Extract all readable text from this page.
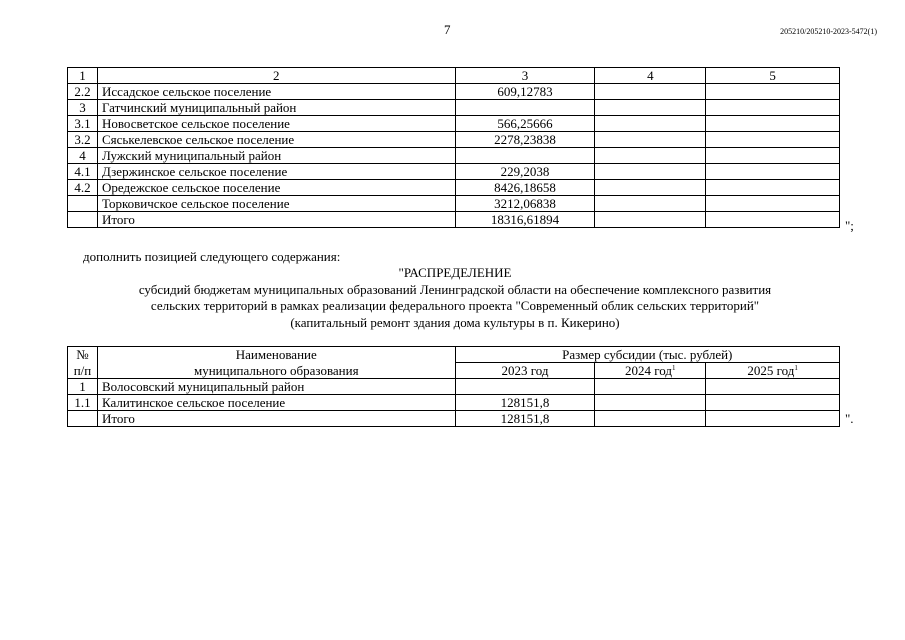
7	205210/205210-2023-5472(1)
1	2	3	4	5
2.2	Иссадское сельское поселение	609,12783		
3	Гатчинский муниципальный район			
3.1	Новосветское сельское поселение	566,25666		
3.2	Сяськелевское сельское поселение	2278,23838		
4	Лужский муниципальный район			
4.1	Дзержинское сельское поселение	229,2038		
4.2	Оредежское сельское поселение	8426,18658		
	Торковичское сельское поселение	3212,06838		
	Итого	18316,61894			";
дополнить позицией следующего содержания:
"РАСПРЕДЕЛЕНИЕ
субсидий бюджетам муниципальных образований Ленинградской области на обеспечение комплексного развития
сельских территорий в рамках реализации федерального проекта "Современный облик сельских территорий"
(капитальный ремонт здания дома культуры в п. Кикерино)
№	Наименование	Размер субсидии (тыс. рублей)		
п/п	муниципального образования	2023 год	2024 год$^1$	2025 год$^1$
1	Волосовский муниципальный район			
1.1	Калитинское сельское поселение	128151,8		
	Итого	128151,8			".
